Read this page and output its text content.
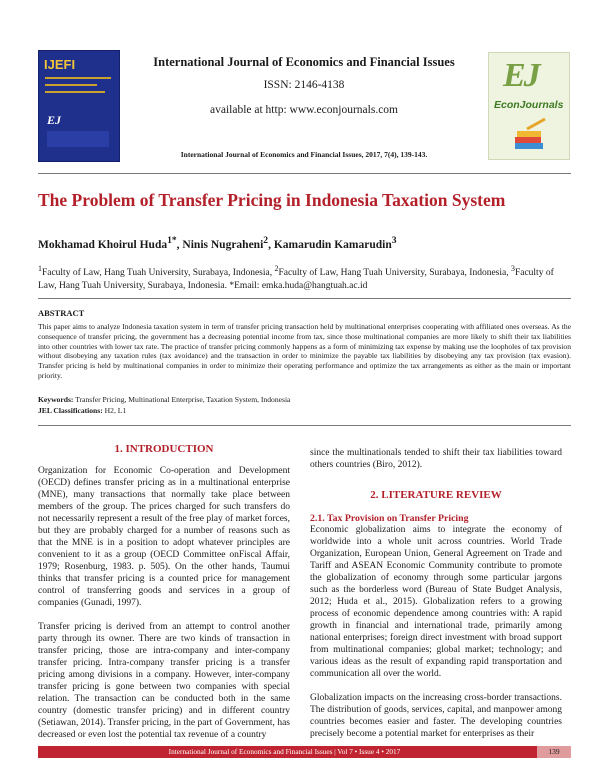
IJEFI
EJ
International Journal of Economics and Financial Issues
ISSN: 2146-4138
available at http: www.econjournals.com
International Journal of Economics and Financial Issues, 2017, 7(4), 139-143.
EJ
EconJournals
The Problem of Transfer Pricing in Indonesia Taxation System
Mokhamad Khoirul Huda$^{1*}$, Ninis Nugraheni$^2$, Kamarudin Kamarudin$^3$
$^1$Faculty of Law, Hang Tuah University, Surabaya, Indonesia, $^2$Faculty of Law, Hang Tuah University, Surabaya, Indonesia, $^3$Faculty of Law, Hang Tuah University, Surabaya, Indonesia. *Email: emka.huda@hangtuah.ac.id
ABSTRACT

This paper aims to analyze Indonesia taxation system in term of transfer pricing transaction held by multinational enterprises cooperating with affiliated ones overseas. As the consequence of transfer pricing, the government has a decreasing potential income from tax, since those multinational companies are more likely to shift their tax liabilities into other countries with lower tax rate. The practice of transfer pricing commonly happens as a form of minimizing tax expense by making use the loopholes of tax provision without disobeying any taxation rules (tax avoidance) and the transaction in order to minimize the payable tax liabilities by disobeying any tax provision (tax evasion). Transfer pricing is held by multinational companies in order to minimize their operating performance and optimize the tax arrangements as either as the main or important priority.

Keywords: Transfer Pricing, Multinational Enterprise, Taxation System, Indonesia
JEL Classifications: H2, L1
1. INTRODUCTION

Organization for Economic Co-operation and Development (OECD) defines transfer pricing as in a multinational enterprise (MNE), many transactions that normally take place between members of the group. The prices charged for such transfers do not necessarily represent a result of the free play of market forces, but they are probably charged for a number of reasons such as that the MNE is in a position to adopt whatever principles are convenient to it as a group (OECD Committee onFiscal Affair, 1979; Rosenburg, 1983. p. 505). On the other hands, Taumui thinks that transfer pricing is a counted price for management control of transferring goods and services in a group of companies (Gunadi, 1997).

Transfer pricing is derived from an attempt to control another party through its owner. There are two kinds of transaction in transfer pricing, those are intra-company and inter-company transfer pricing. Intra-company transfer pricing is a transfer pricing among divisions in a company. However, inter-company transfer pricing is gone between two companies with special relation. The transaction can be conducted both in the same country (domestic transfer pricing) and in different country (Setiawan, 2014). Transfer pricing, in the part of Government, has decreased or even lost the potential tax revenue of a country

since the multinationals tended to shift their tax liabilities toward others countries (Biro, 2012).

2. LITERATURE REVIEW
2.1. Tax Provision on Transfer Pricing

Economic globalization aims to integrate the economy of worldwide into a whole unit across countries. World Trade Organization, European Union, General Agreement on Trade and Tariff and ASEAN Economic Community contribute to promote the globalization of economy through some particular jargons such as the borderless word (Bureau of State Budget Analysis, 2012; Huda et al., 2015). Globalization refers to a growing process of economic dependence among countries with: A rapid growth in financial and international trade, primarily among national enterprises; foreign direct investment with broad support from multinational companies; global market; technology; and various ideas as the result of expanding rapid transportation and communication all over the world.

Globalization impacts on the increasing cross-border transactions. The distribution of goods, services, capital, and manpower among countries becomes easier and faster. The developing countries precisely become a potential market for enterprises as their

International Journal of Economics and Financial Issues | Vol 7 • Issue 4 • 2017	139
